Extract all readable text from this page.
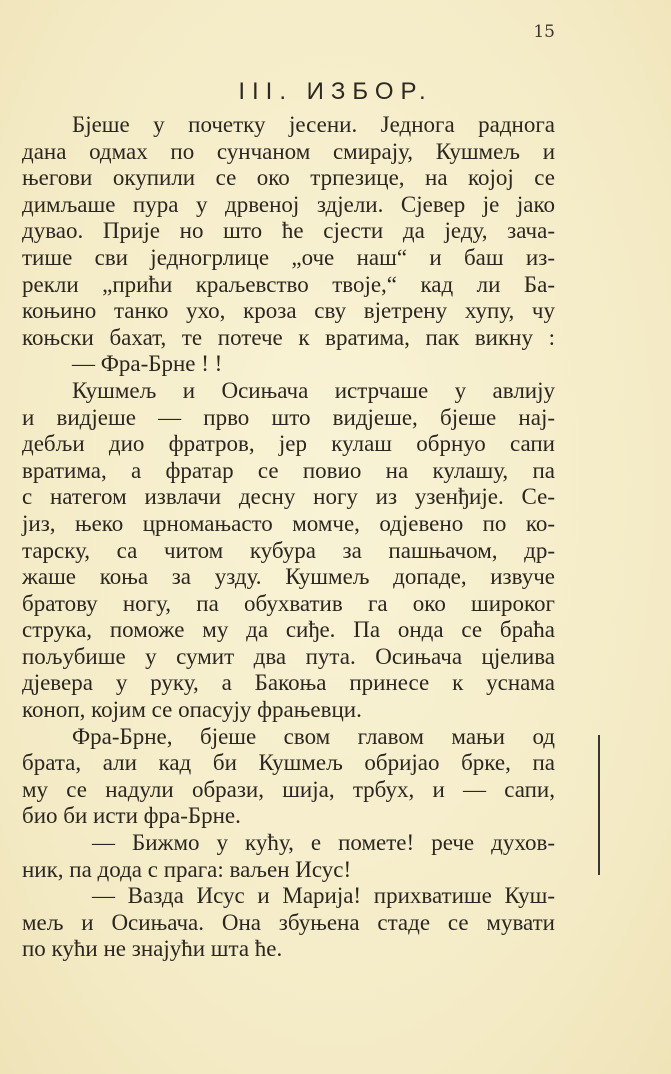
15
III. ИЗБОР.
Бјеше у почетку јесени. Једнога раднога
дана одмах по сунчаном смирају, Кушмељ и
његови окупили се око трпезице, на којој се
димљаше пура у дрвеној здјели. Сјевер је јако
дувао. Прије но што ће сјести да једу, зача-
тише сви једногрлице „оче наш“ и баш из-
рекли „прићи краљевство твоје,“ кад ли Ба-
коњино танко ухо, кроза сву вјетрену хупу, чу
коњски бахат, те потече к вратима, пак викну :
— Фра-Брне ! !
Кушмељ и Осињача истрчаше у авлију
и видјеше — прво што видјеше, бјеше нај-
дебљи дио фратров, јер кулаш обрнуо сапи
вратима, а фратар се повио на кулашу, па
с натегом извлачи десну ногу из узенђије. Се-
јиз, њеко црномањасто момче, одјевено по ко-
тарску, са читом кубура за пашњачом, др-
жаше коња за узду. Кушмељ допаде, извуче
братову ногу, па обухватив га око широког
струка, поможе му да сиђе. Па онда се браћа
пољубише у сумит два пута. Осињача цјелива
дјевера у руку, а Бакоња принесе к уснама
коноп, којим се опасују фрањевци.
Фра-Брне, бјеше свом главом мањи од
брата, али кад би Кушмељ обријао брке, па
му се надули образи, шија, трбух, и — сапи,
био би исти фра-Брне.
— Бижмо у кућу, е помете! рече духов-
ник, па дода с прага: ваљен Исус!
— Вазда Исус и Марија! прихватише Куш-
мељ и Осињача. Она збуњена стаде се мувати
по кући не знајући шта ће.
